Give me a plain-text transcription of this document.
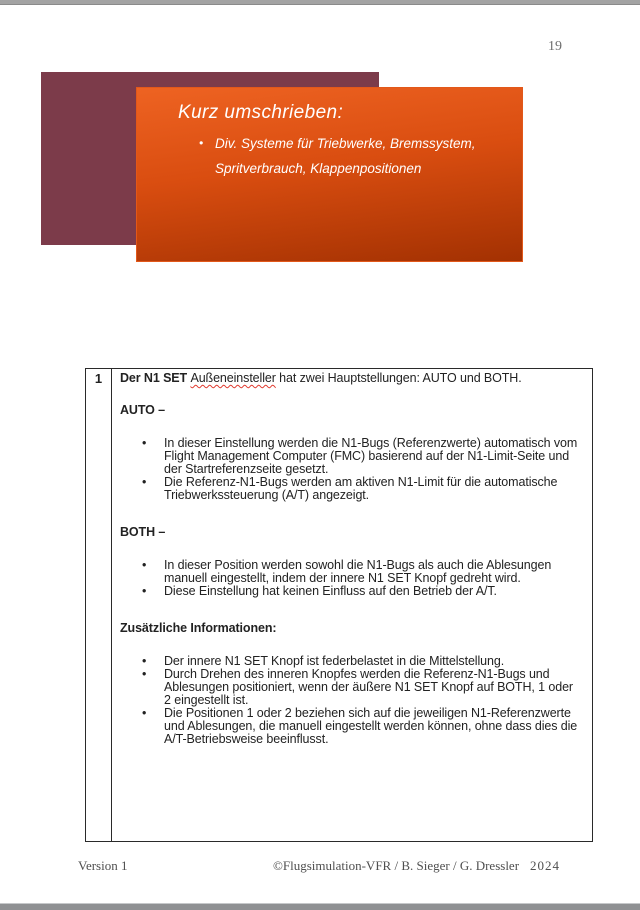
19
Kurz umschrieben:
• Div. Systeme für Triebwerke, Bremssystem, Spritverbrauch, Klappenpositionen
1	Der N1 SET Außeneinsteller hat zwei Hauptstellungen: AUTO und BOTH.

AUTO –
• In dieser Einstellung werden die N1-Bugs (Referenzwerte) automatisch vom Flight Management Computer (FMC) basierend auf der N1-Limit-Seite und der Startreferenzseite gesetzt.
• Die Referenz-N1-Bugs werden am aktiven N1-Limit für die automatische Triebwerkssteuerung (A/T) angezeigt.
BOTH –
• In dieser Position werden sowohl die N1-Bugs als auch die Ablesungen manuell eingestellt, indem der innere N1 SET Knopf gedreht wird.
• Diese Einstellung hat keinen Einfluss auf den Betrieb der A/T.
Zusätzliche Informationen:
• Der innere N1 SET Knopf ist federbelastet in die Mittelstellung.
• Durch Drehen des inneren Knopfes werden die Referenz-N1-Bugs und Ablesungen positioniert, wenn der äußere N1 SET Knopf auf BOTH, 1 oder 2 eingestellt ist.
• Die Positionen 1 oder 2 beziehen sich auf die jeweiligen N1-Referenzwerte und Ablesungen, die manuell eingestellt werden können, ohne dass dies die A/T-Betriebsweise beeinflusst.
Version 1	©Flugsimulation-VFR / B. Sieger / G. Dressler 2024
